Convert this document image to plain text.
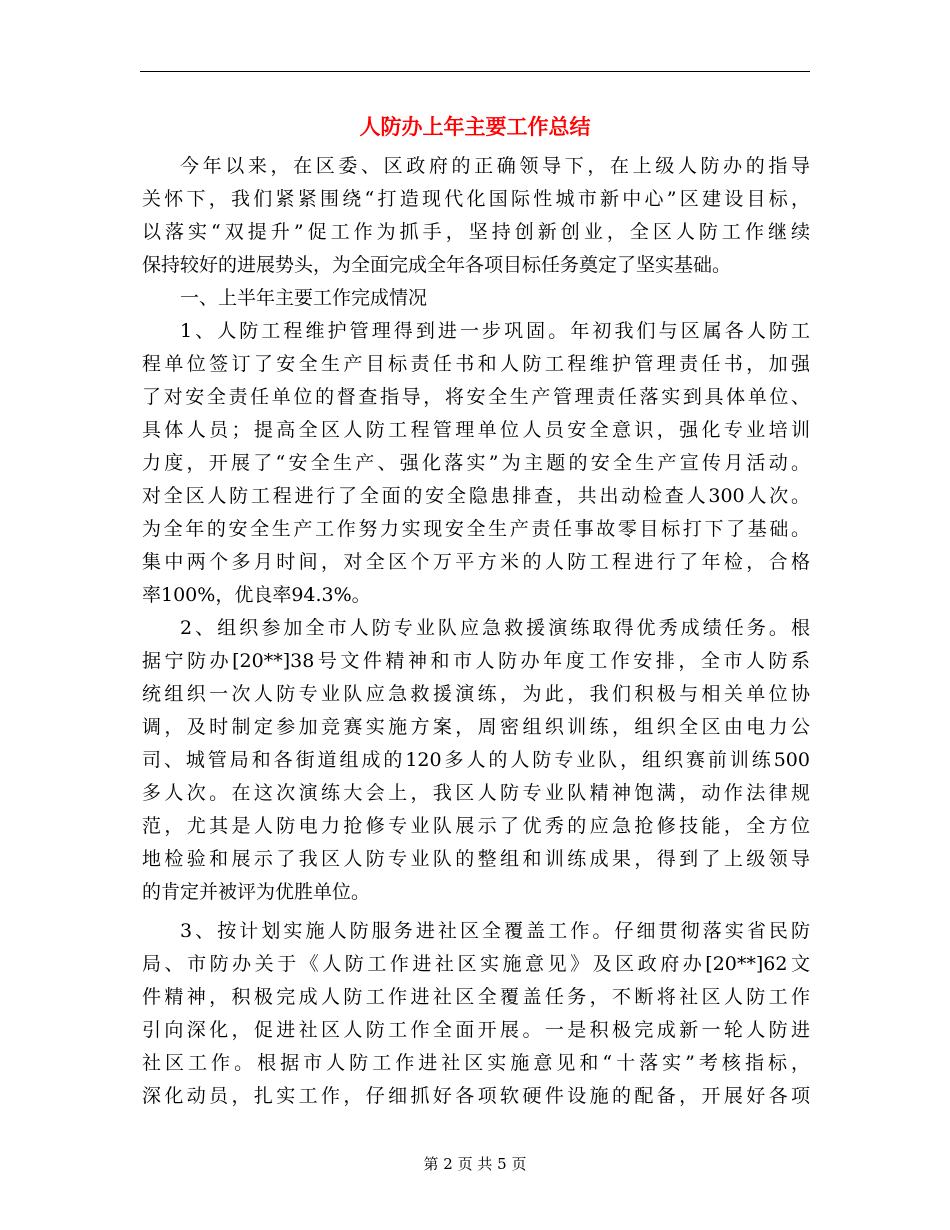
人防办上年主要工作总结
今年以来，在区委、区政府的正确领导下，在上级人防办的指导
关怀下，我们紧紧围绕“打造现代化国际性城市新中心”区建设目标，
以落实“双提升”促工作为抓手，坚持创新创业，全区人防工作继续
保持较好的进展势头，为全面完成全年各项目标任务奠定了坚实基础。
一、上半年主要工作完成情况
1、人防工程维护管理得到进一步巩固。年初我们与区属各人防工
程单位签订了安全生产目标责任书和人防工程维护管理责任书，加强
了对安全责任单位的督查指导，将安全生产管理责任落实到具体单位、
具体人员；提高全区人防工程管理单位人员安全意识，强化专业培训
力度，开展了“安全生产、强化落实”为主题的安全生产宣传月活动。
对全区人防工程进行了全面的安全隐患排查，共出动检查人300人次。
为全年的安全生产工作努力实现安全生产责任事故零目标打下了基础。
集中两个多月时间，对全区个万平方米的人防工程进行了年检，合格
率100%，优良率94.3%。
2、组织参加全市人防专业队应急救援演练取得优秀成绩任务。根
据宁防办[20**]38号文件精神和市人防办年度工作安排，全市人防系
统组织一次人防专业队应急救援演练，为此，我们积极与相关单位协
调，及时制定参加竞赛实施方案，周密组织训练，组织全区由电力公
司、城管局和各街道组成的120多人的人防专业队，组织赛前训练500
多人次。在这次演练大会上，我区人防专业队精神饱满，动作法律规
范，尤其是人防电力抢修专业队展示了优秀的应急抢修技能，全方位
地检验和展示了我区人防专业队的整组和训练成果，得到了上级领导
的肯定并被评为优胜单位。
3、按计划实施人防服务进社区全覆盖工作。仔细贯彻落实省民防
局、市防办关于《人防工作进社区实施意见》及区政府办[20**]62文
件精神，积极完成人防工作进社区全覆盖任务，不断将社区人防工作
引向深化，促进社区人防工作全面开展。一是积极完成新一轮人防进
社区工作。根据市人防工作进社区实施意见和“十落实”考核指标，
深化动员，扎实工作，仔细抓好各项软硬件设施的配备，开展好各项
第 2 页 共 5 页
